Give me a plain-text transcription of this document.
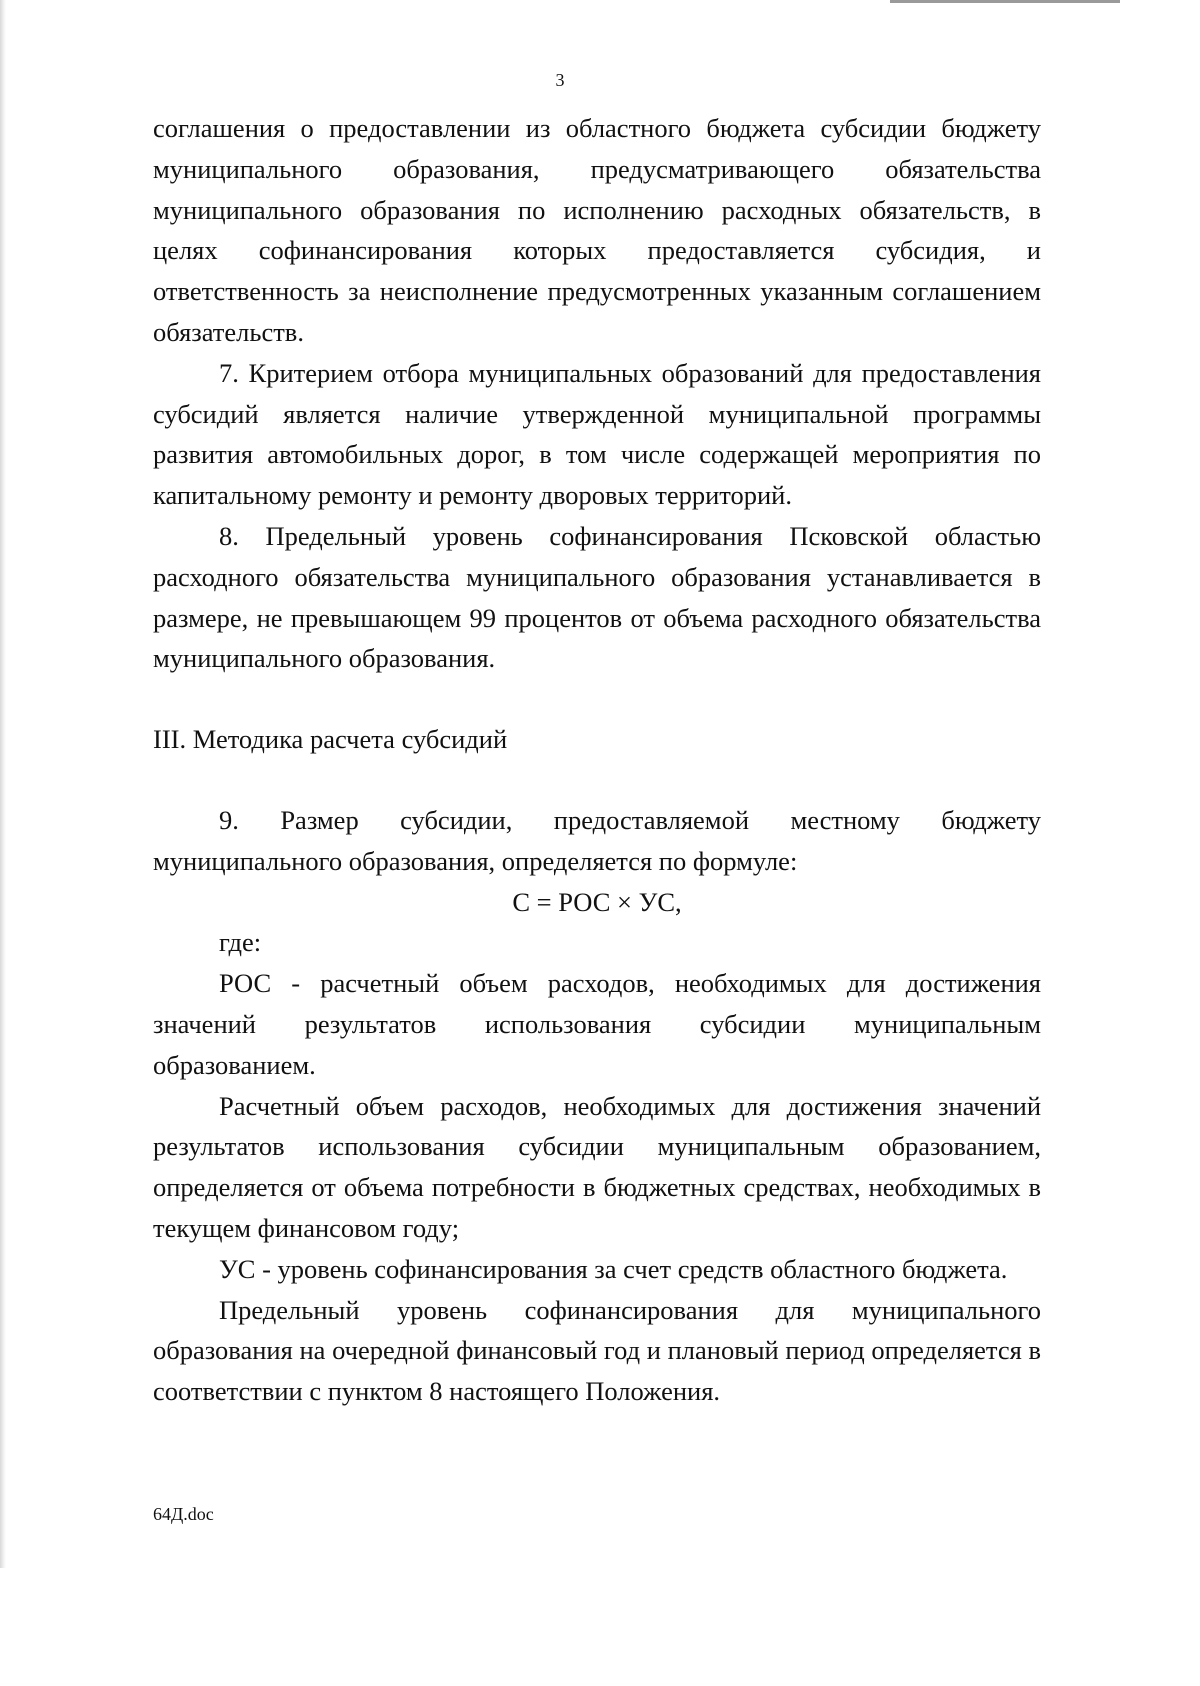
3

соглашения о предоставлении из областного бюджета субсидии бюджету муниципального образования, предусматривающего обязательства муниципального образования по исполнению расходных обязательств, в целях софинансирования которых предоставляется субсидия, и ответственность за неисполнение предусмотренных указанным соглашением обязательств.

7. Критерием отбора муниципальных образований для предоставления субсидий является наличие утвержденной муниципальной программы развития автомобильных дорог, в том числе содержащей мероприятия по капитальному ремонту и ремонту дворовых территорий.

8. Предельный уровень софинансирования Псковской областью расходного обязательства муниципального образования устанавливается в размере, не превышающем 99 процентов от объема расходного обязательства муниципального образования.

III. Методика расчета субсидий

9. Размер субсидии, предоставляемой местному бюджету муниципального образования, определяется по формуле:

С = РОС × УС,

где:

РОС - расчетный объем расходов, необходимых для достижения значений результатов использования субсидии муниципальным образованием.

Расчетный объем расходов, необходимых для достижения значений результатов использования субсидии муниципальным образованием, определяется от объема потребности в бюджетных средствах, необходимых в текущем финансовом году;

УС - уровень софинансирования за счет средств областного бюджета.

Предельный уровень софинансирования для муниципального образования на очередной финансовый год и плановый период определяется в соответствии с пунктом 8 настоящего Положения.

64Д.doc
